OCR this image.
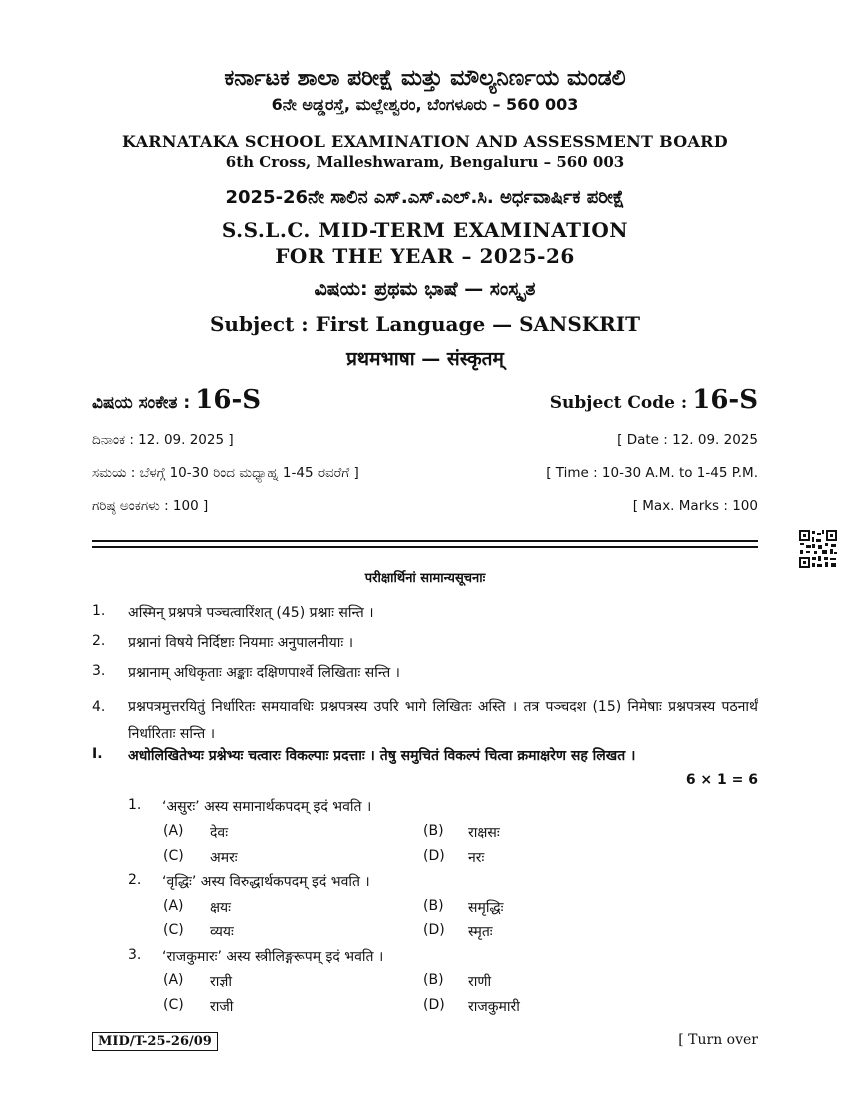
ಕರ್ನಾಟಕ ಶಾಲಾ ಪರೀಕ್ಷೆ ಮತ್ತು ಮೌಲ್ಯನಿರ್ಣಯ ಮಂಡಲಿ
6ನೇ ಅಡ್ಡರಸ್ತೆ, ಮಲ್ಲೇಶ್ವರಂ, ಬೆಂಗಳೂರು – 560 003
KARNATAKA SCHOOL EXAMINATION AND ASSESSMENT BOARD
6th Cross, Malleshwaram, Bengaluru – 560 003
2025-26ನೇ ಸಾಲಿನ ಎಸ್.ಎಸ್.ಎಲ್.ಸಿ. ಅರ್ಧವಾರ್ಷಿಕ ಪರೀಕ್ಷೆ
S.S.L.C. MID-TERM EXAMINATION
FOR THE YEAR – 2025-26
ವಿಷಯ: ಪ್ರಥಮ ಭಾಷೆ — ಸಂಸ್ಕೃತ
Subject : First Language — SANSKRIT
प्रथमभाषा — संस्कृतम्
ವಿಷಯ ಸಂಕೇತ : 16-S	Subject Code : 16-S
ದಿನಾಂಕ : 12. 09. 2025 ]	[ Date : 12. 09. 2025
ಸಮಯ : ಬೆಳಗ್ಗೆ 10-30 ರಿಂದ ಮಧ್ಯಾಹ್ನ 1-45 ರವರೆಗೆ ]	[ Time : 10-30 A.M. to 1-45 P.M.
ಗರಿಷ್ಠ ಅಂಕಗಳು : 100 ]	[ Max. Marks : 100
परीक्षार्थिनां सामान्यसूचनाः
1. अस्मिन् प्रश्नपत्रे पञ्चत्वारिंशत् (45) प्रश्नाः सन्ति ।
2. प्रश्नानां विषये निर्दिष्टाः नियमाः अनुपालनीयाः ।
3. प्रश्नानाम् अधिकृताः अङ्काः दक्षिणपार्श्वे लिखिताः सन्ति ।
4. प्रश्नपत्रमुत्तरयितुं निर्धारितः समयावधिः प्रश्नपत्रस्य उपरि भागे लिखितः अस्ति । तत्र पञ्चदश (15) निमेषाः प्रश्नपत्रस्य पठनार्थं निर्धारिताः सन्ति ।
I. अधोलिखितेभ्यः प्रश्नेभ्यः चत्वारः विकल्पाः प्रदत्ताः । तेषु समुचितं विकल्पं चित्वा क्रमाक्षरेण सह लिखत ।
6 × 1 = 6
1. ‘असुरः’ अस्य समानार्थकपदम् इदं भवति ।
(A) देवः	(B) राक्षसः
(C) अमरः	(D) नरः
2. ‘वृद्धिः’ अस्य विरुद्धार्थकपदम् इदं भवति ।
(A) क्षयः	(B) समृद्धिः
(C) व्ययः	(D) स्मृतः
3. ‘राजकुमारः’ अस्य स्त्रीलिङ्गरूपम् इदं भवति ।
(A) राज्ञी	(B) राणी
(C) राजी	(D) राजकुमारी
MID/T-25-26/09	[ Turn over
